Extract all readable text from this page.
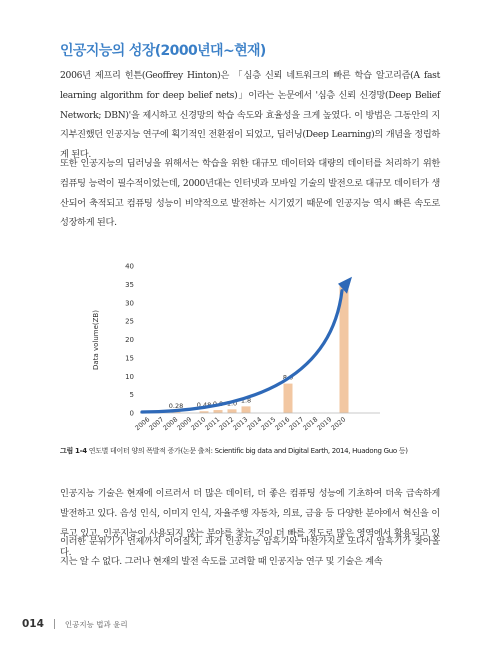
인공지능의 성장(2000년대~현재)

2006년 제프리 힌튼(Geoffrey Hinton)은 「심층 신뢰 네트워크의 빠른 학습 알고리즘(A fast learning algorithm for deep belief nets)」이라는 논문에서 '심층 신뢰 신경망(Deep Belief Network; DBN)'을 제시하고 신경망의 학습 속도와 효율성을 크게 높였다. 이 방법은 그동안의 지지부진했던 인공지능 연구에 획기적인 전환점이 되었고, 딥러닝(Deep Learning)의 개념을 정립하게 된다.

또한 인공지능의 딥러닝을 위해서는 학습을 위한 대규모 데이터와 대량의 데이터를 처리하기 위한 컴퓨팅 능력이 필수적이었는데, 2000년대는 인터넷과 모바일 기술의 발전으로 대규모 데이터가 생산되어 축적되고 컴퓨팅 성능이 비약적으로 발전하는 시기였기 때문에 인공지능 역시 빠른 속도로 성장하게 된다.

0
5
10
15
20
25
30
35
40
0.28 0.48 0.8 1.0 1.8
8.0
2006
2007
2008
2009
2010
2011
2012
2013
2014
2015
2016
2017
2018
2019
2020
Data volume(ZB)

그림 1-4 연도별 데이터 양의 폭발적 증가(논문 출처: Scientific big data and Digital Earth, 2014, Huadong Guo 등)

인공지능 기술은 현재에 이르러서 더 많은 데이터, 더 좋은 컴퓨팅 성능에 기초하여 더욱 급속하게 발전하고 있다. 음성 인식, 이미지 인식, 자율주행 자동차, 의료, 금융 등 다양한 분야에서 혁신을 이루고 있고, 인공지능이 사용되지 않는 분야를 찾는 것이 더 빠를 정도로 많은 영역에서 활용되고 있다.

이러한 분위기가 언제까지 이어질지, 과거 인공지능 암흑기와 마찬가지로 또다시 암흑기가 찾아올지는 알 수 없다. 그러나 현재의 발전 속도를 고려할 때 인공지능 연구 및 기술은 계속

014	인공지능 법과 윤리
